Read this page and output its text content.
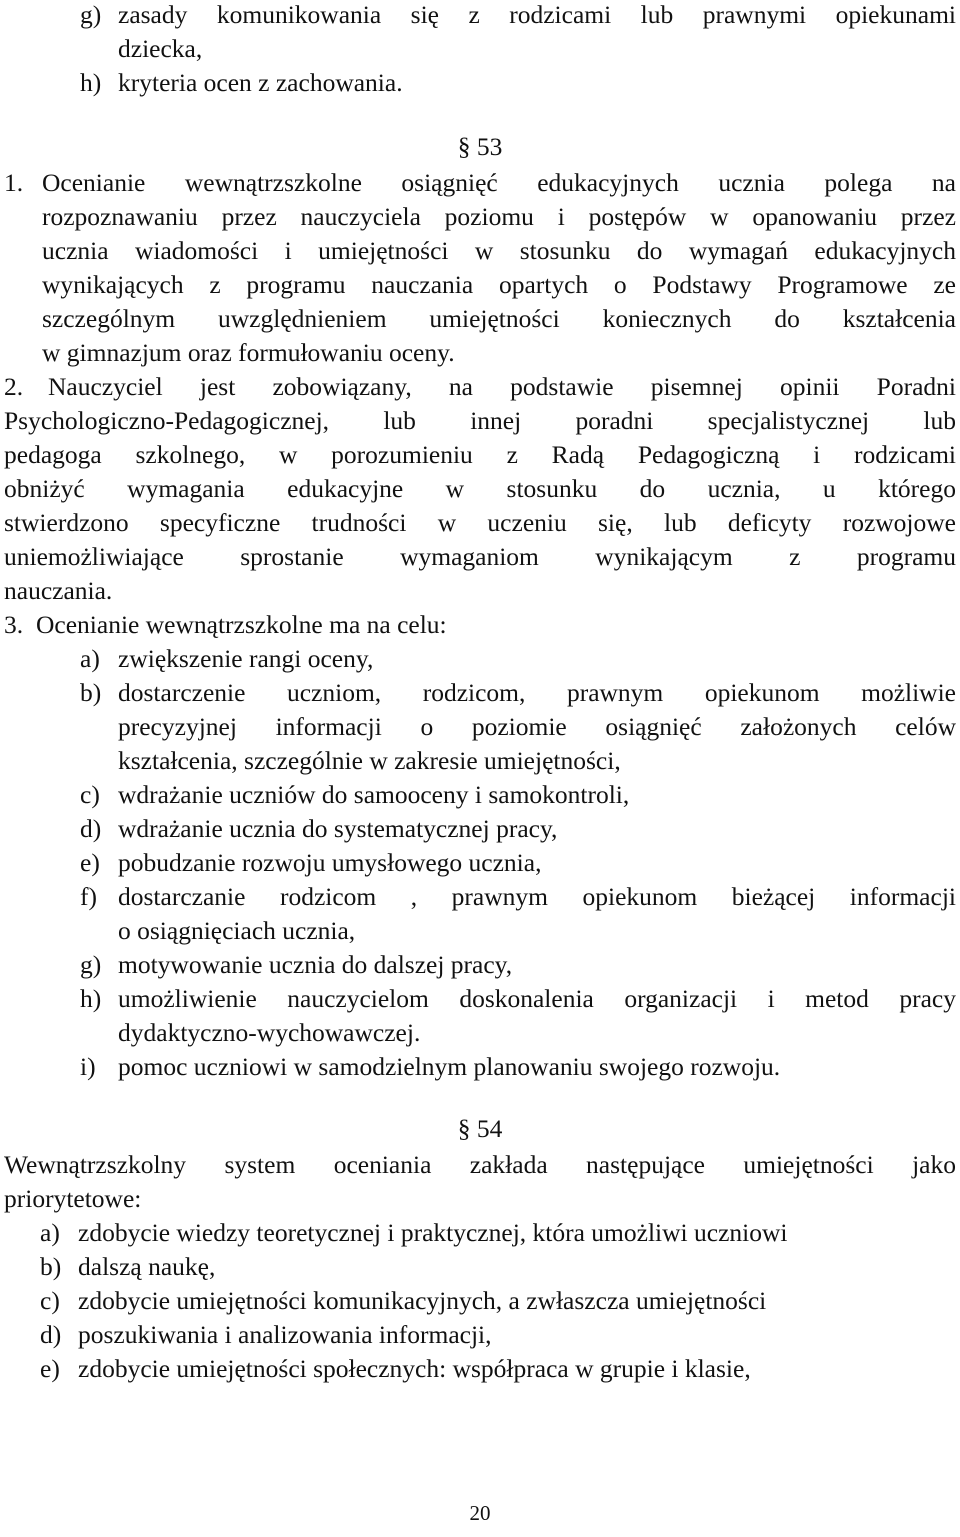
g) zasady komunikowania się z rodzicami lub prawnymi opiekunami
dziecka,
h) kryteria ocen z zachowania.
§ 53
1. Ocenianie wewnątrzszkolne osiągnięć edukacyjnych ucznia polega na
rozpoznawaniu przez nauczyciela poziomu i postępów w opanowaniu przez
ucznia wiadomości i umiejętności w stosunku do wymagań edukacyjnych
wynikających z programu nauczania opartych o Podstawy Programowe ze
szczególnym uwzględnieniem umiejętności koniecznych do kształcenia
w gimnazjum oraz formułowaniu oceny.
2. Nauczyciel jest zobowiązany, na podstawie pisemnej opinii Poradni
Psychologiczno-Pedagogicznej, lub innej poradni specjalistycznej lub
pedagoga szkolnego, w porozumieniu z Radą Pedagogiczną i rodzicami
obniżyć wymagania edukacyjne w stosunku do ucznia, u którego
stwierdzono specyficzne trudności w uczeniu się, lub deficyty rozwojowe
uniemożliwiające sprostanie wymaganiom wynikającym z programu
nauczania.
3. Ocenianie wewnątrzszkolne ma na celu:
a) zwiększenie rangi oceny,
b) dostarczenie uczniom, rodzicom, prawnym opiekunom możliwie
precyzyjnej informacji o poziomie osiągnięć założonych celów
kształcenia, szczególnie w zakresie umiejętności,
c) wdrażanie uczniów do samooceny i samokontroli,
d) wdrażanie ucznia do systematycznej pracy,
e) pobudzanie rozwoju umysłowego ucznia,
f) dostarczanie rodzicom , prawnym opiekunom bieżącej informacji
o osiągnięciach ucznia,
g) motywowanie ucznia do dalszej pracy,
h) umożliwienie nauczycielom doskonalenia organizacji i metod pracy
dydaktyczno-wychowawczej.
i) pomoc uczniowi w samodzielnym planowaniu swojego rozwoju.
§ 54
Wewnątrzszkolny system oceniania zakłada następujące umiejętności jako
priorytetowe:
a) zdobycie wiedzy teoretycznej i praktycznej, która umożliwi uczniowi
b) dalszą naukę,
c) zdobycie umiejętności komunikacyjnych, a zwłaszcza umiejętności
d) poszukiwania i analizowania informacji,
e) zdobycie umiejętności społecznych: współpraca w grupie i klasie,
20
